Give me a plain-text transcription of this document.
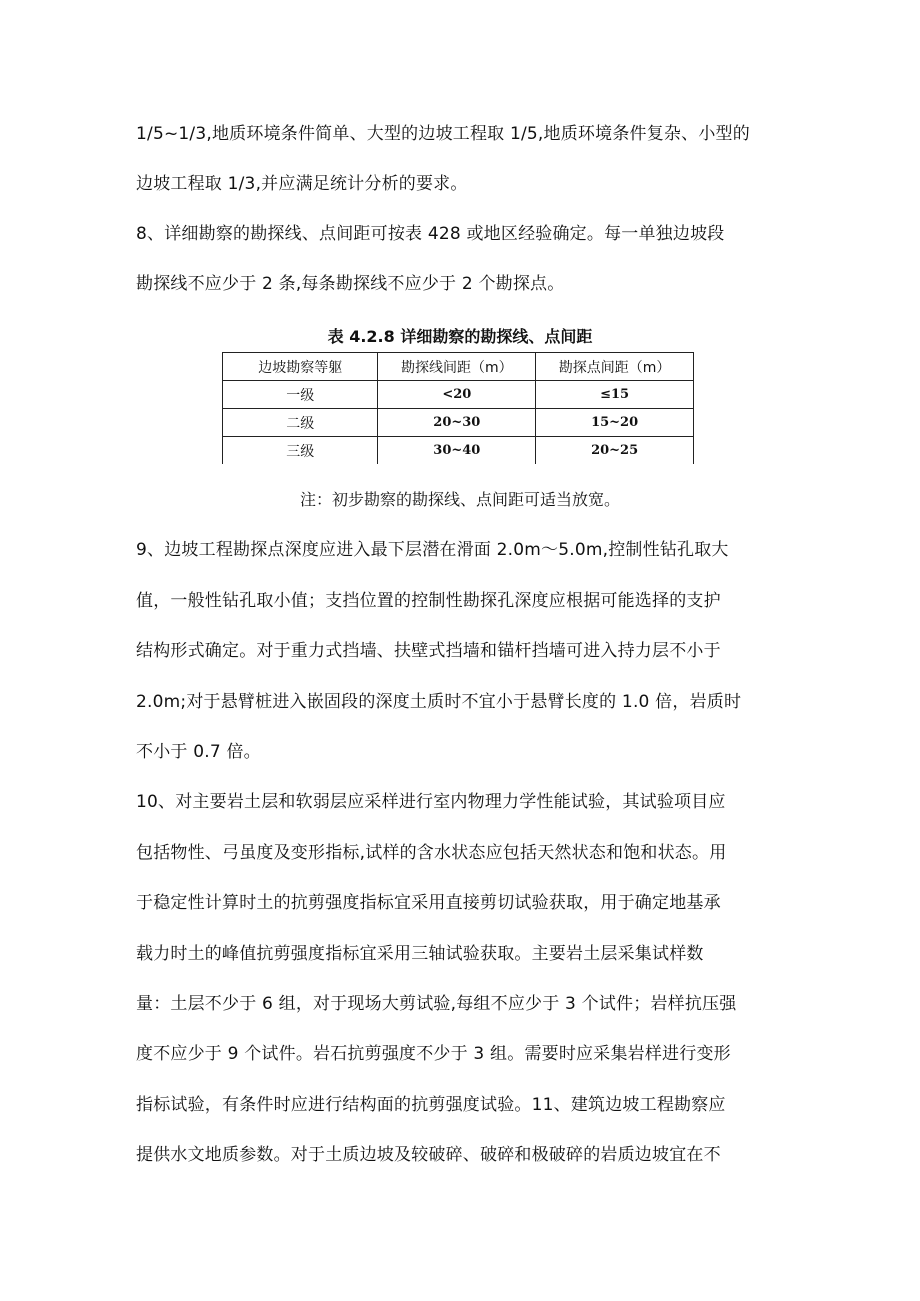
1/5~1/3,地质环境条件简单、大型的边坡工程取 1/5,地质环境条件复杂、小型的
边坡工程取 1/3,并应满足统计分析的要求。
8、详细勘察的勘探线、点间距可按表 428 或地区经验确定。每一单独边坡段
勘探线不应少于 2 条,每条勘探线不应少于 2 个勘探点。
表 4.2.8 详细勘察的勘探线、点间距
边坡勘察等躯	勘探线间距（m）	勘探点间距（m）
一级	<20	≤15
二级	20~30	15~20
三级	30~40	20~25
注：初步勘察的勘探线、点间距可适当放宽。
9、边坡工程勘探点深度应进入最下层潜在滑面 2.0m～5.0m,控制性钻孔取大
值，一般性钻孔取小值；支挡位置的控制性勘探孔深度应根据可能选择的支护
结构形式确定。对于重力式挡墙、扶壁式挡墙和锚杆挡墙可进入持力层不小于
2.0m;对于悬臂桩进入嵌固段的深度土质时不宜小于悬臂长度的 1.0 倍，岩质时
不小于 0.7 倍。
10、对主要岩土层和软弱层应采样进行室内物理力学性能试验，其试验项目应
包括物性、弓虽度及变形指标,试样的含水状态应包括天然状态和饱和状态。用
于稳定性计算时土的抗剪强度指标宜采用直接剪切试验获取，用于确定地基承
载力时土的峰值抗剪强度指标宜采用三轴试验获取。主要岩土层采集试样数
量：土层不少于 6 组，对于现场大剪试验,每组不应少于 3 个试件；岩样抗压强
度不应少于 9 个试件。岩石抗剪强度不少于 3 组。需要时应采集岩样进行变形
指标试验，有条件时应进行结构面的抗剪强度试验。11、建筑边坡工程勘察应
提供水文地质参数。对于土质边坡及较破碎、破碎和极破碎的岩质边坡宜在不
